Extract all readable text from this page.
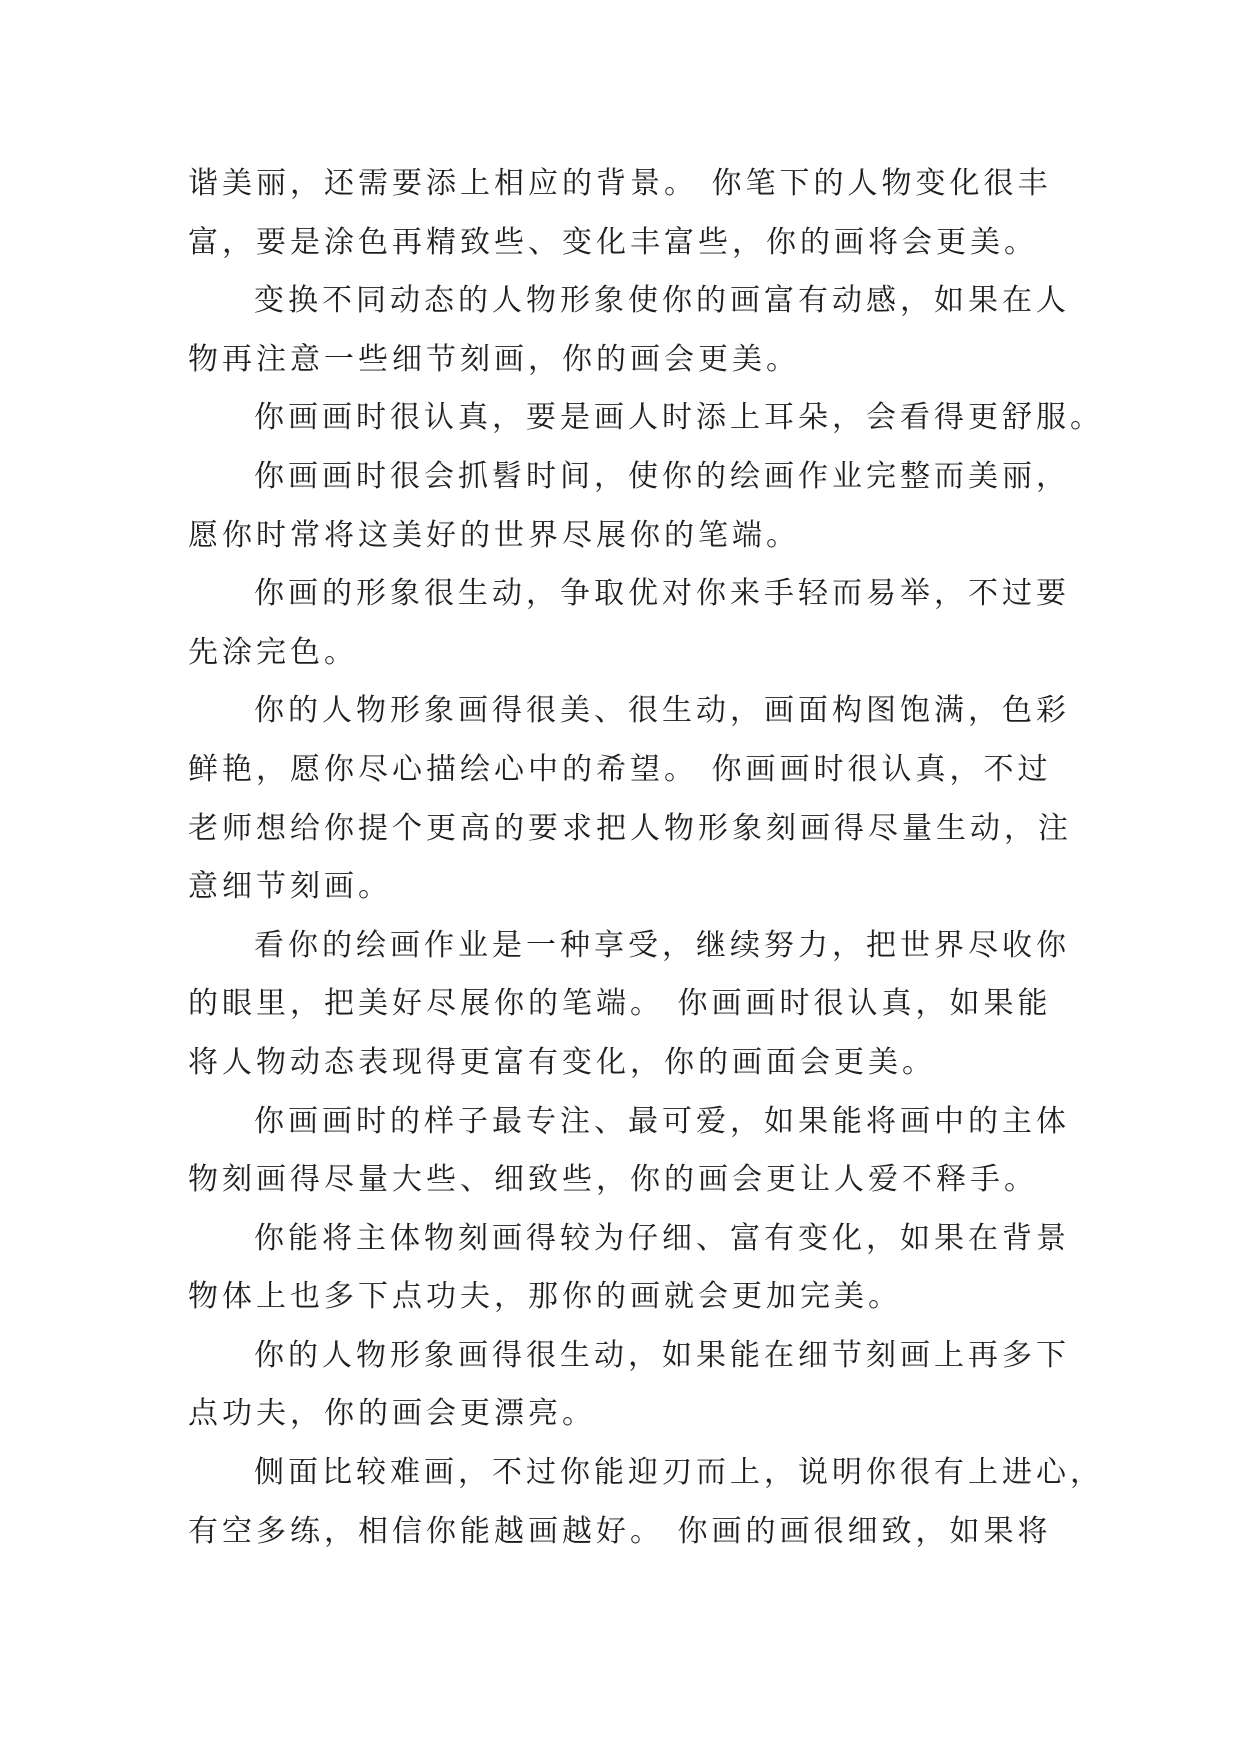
谐美丽，还需要添上相应的背景。 你笔下的人物变化很丰
富，要是涂色再精致些、变化丰富些，你的画将会更美。
变换不同动态的人物形象使你的画富有动感，如果在人
物再注意一些细节刻画，你的画会更美。
你画画时很认真，要是画人时添上耳朵，会看得更舒服。
你画画时很会抓髫时间，使你的绘画作业完整而美丽，
愿你时常将这美好的世界尽展你的笔端。
你画的形象很生动，争取优对你来手轻而易举，不过要
先涂完色。
你的人物形象画得很美、很生动，画面构图饱满，色彩
鲜艳，愿你尽心描绘心中的希望。 你画画时很认真，不过
老师想给你提个更高的要求把人物形象刻画得尽量生动，注
意细节刻画。
看你的绘画作业是一种享受，继续努力，把世界尽收你
的眼里，把美好尽展你的笔端。 你画画时很认真，如果能
将人物动态表现得更富有变化，你的画面会更美。
你画画时的样子最专注、最可爱，如果能将画中的主体
物刻画得尽量大些、细致些，你的画会更让人爱不释手。
你能将主体物刻画得较为仔细、富有变化，如果在背景
物体上也多下点功夫，那你的画就会更加完美。
你的人物形象画得很生动，如果能在细节刻画上再多下
点功夫，你的画会更漂亮。
侧面比较难画，不过你能迎刃而上，说明你很有上进心，
有空多练，相信你能越画越好。 你画的画很细致，如果将
